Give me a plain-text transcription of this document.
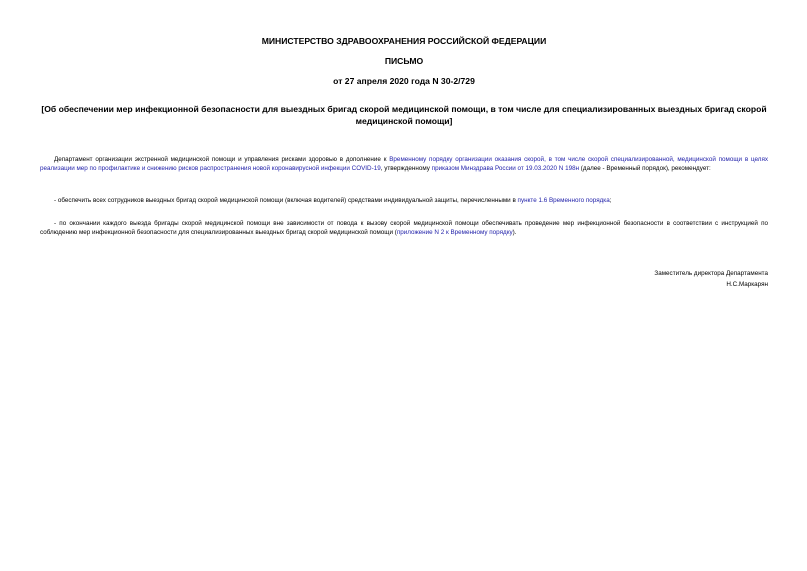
МИНИСТЕРСТВО ЗДРАВООХРАНЕНИЯ РОССИЙСКОЙ ФЕДЕРАЦИИ

ПИСЬМО

от 27 апреля 2020 года N 30-2/729

[Об обеспечении мер инфекционной безопасности для выездных бригад скорой медицинской помощи, в том числе для специализированных выездных бригад скорой медицинской помощи]

Департамент организации экстренной медицинской помощи и управления рисками здоровью в дополнение к Временному порядку организации оказания скорой, в том числе скорой специализированной, медицинской помощи в целях реализации мер по профилактике и снижению рисков распространения новой коронавирусной инфекции COVID-19, утвержденному приказом Минздрава России от 19.03.2020 N 198н (далее - Временный порядок), рекомендует:

- обеспечить всех сотрудников выездных бригад скорой медицинской помощи (включая водителей) средствами индивидуальной защиты, перечисленными в пункте 1.6 Временного порядка;

- по окончании каждого выезда бригады скорой медицинской помощи вне зависимости от повода к вызову скорой медицинской помощи обеспечивать проведение мер инфекционной безопасности в соответствии с инструкцией по соблюдению мер инфекционной безопасности для специализированных выездных бригад скорой медицинской помощи (приложение N 2 к Временному порядку).

Заместитель директора Департамента
Н.С.Маркарян
